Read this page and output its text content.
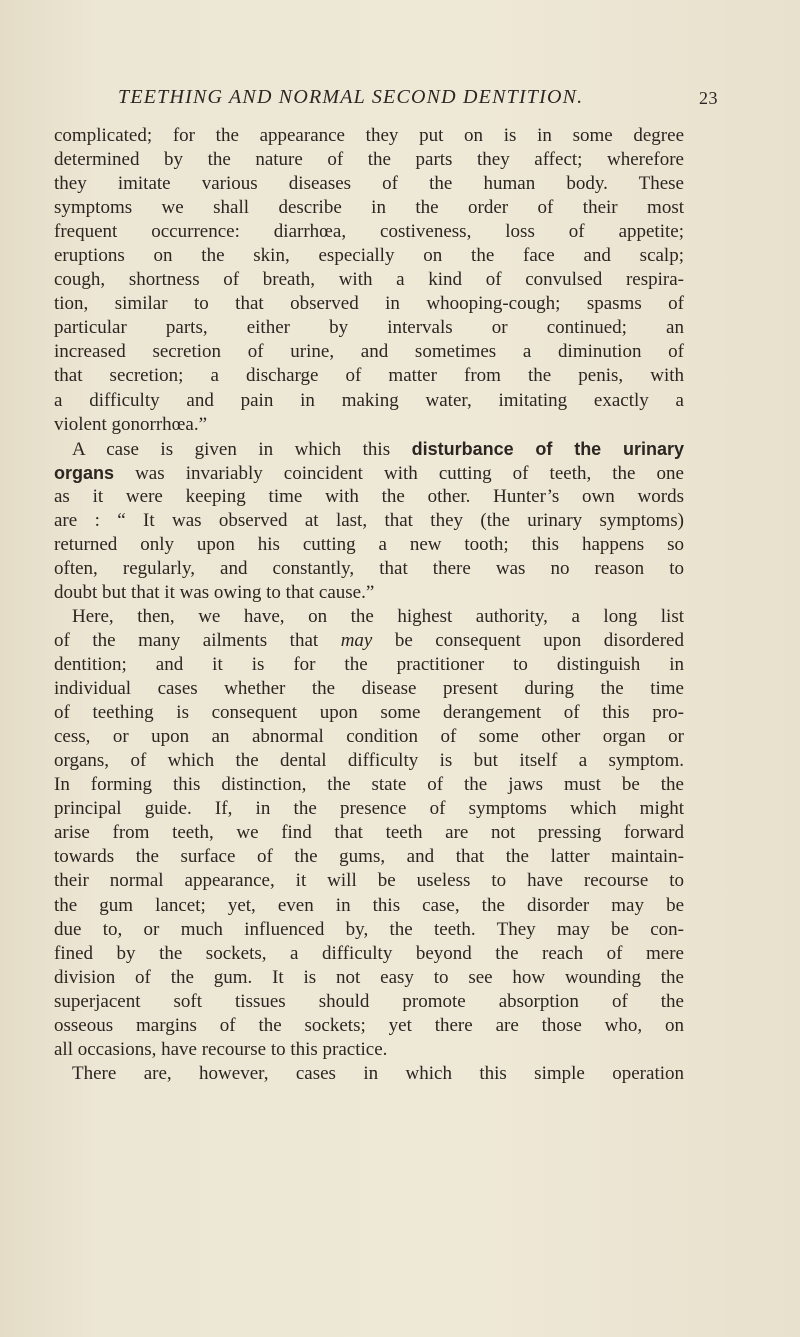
TEETHING AND NORMAL SECOND DENTITION.	23
complicated; for the appearance they put on is in some degree
determined by the nature of the parts they affect; wherefore
they imitate various diseases of the human body. These
symptoms we shall describe in the order of their most
frequent occurrence: diarrhœa, costiveness, loss of appetite;
eruptions on the skin, especially on the face and scalp;
cough, shortness of breath, with a kind of convulsed respira-
tion, similar to that observed in whooping-cough; spasms of
particular parts, either by intervals or continued; an
increased secretion of urine, and sometimes a diminution of
that secretion; a discharge of matter from the penis, with
a difficulty and pain in making water, imitating exactly a
violent gonorrhœa.”
A case is given in which this disturbance of the urinary
organs was invariably coincident with cutting of teeth, the one
as it were keeping time with the other. Hunter’s own words
are : “ It was observed at last, that they (the urinary symptoms)
returned only upon his cutting a new tooth; this happens so
often, regularly, and constantly, that there was no reason to
doubt but that it was owing to that cause.”
Here, then, we have, on the highest authority, a long list
of the many ailments that may be consequent upon disordered
dentition; and it is for the practitioner to distinguish in
individual cases whether the disease present during the time
of teething is consequent upon some derangement of this pro-
cess, or upon an abnormal condition of some other organ or
organs, of which the dental difficulty is but itself a symptom.
In forming this distinction, the state of the jaws must be the
principal guide. If, in the presence of symptoms which might
arise from teeth, we find that teeth are not pressing forward
towards the surface of the gums, and that the latter maintain-
their normal appearance, it will be useless to have recourse to
the gum lancet; yet, even in this case, the disorder may be
due to, or much influenced by, the teeth. They may be con-
fined by the sockets, a difficulty beyond the reach of mere
division of the gum. It is not easy to see how wounding the
superjacent soft tissues should promote absorption of the
osseous margins of the sockets; yet there are those who, on
all occasions, have recourse to this practice.
There are, however, cases in which this simple operation
